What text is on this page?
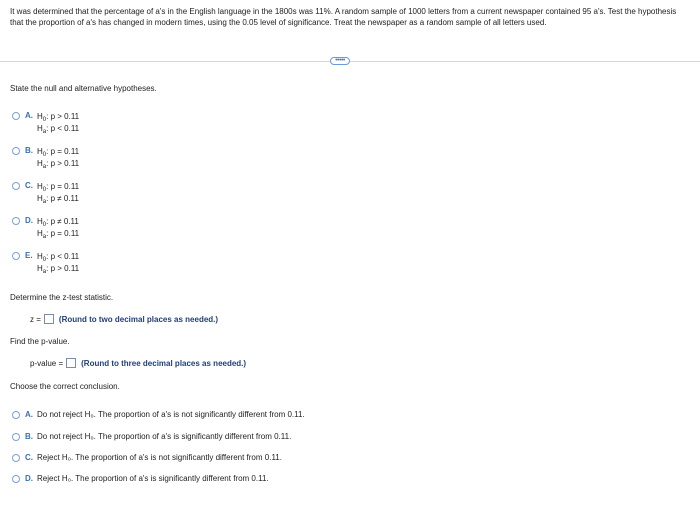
It was determined that the percentage of a's in the English language in the 1800s was 11%. A random sample of 1000 letters from a current newspaper contained 95 a's. Test the hypothesis that the proportion of a's has changed in modern times, using the 0.05 level of significance. Treat the newspaper as a random sample of all letters used.
•••••
State the null and alternative hypotheses.
A. $H_0$: p > 0.11
$H_a$: p < 0.11
B. $H_0$: p = 0.11
$H_a$: p > 0.11
C. $H_0$: p = 0.11
$H_a$: p ≠ 0.11
D. $H_0$: p ≠ 0.11
$H_a$: p = 0.11
E. $H_0$: p < 0.11
$H_a$: p > 0.11
Determine the z-test statistic.
z = (Round to two decimal places as needed.)
Find the p-value.
p-value = (Round to three decimal places as needed.)
Choose the correct conclusion.
A. Do not reject H₀. The proportion of a's is not significantly different from 0.11.
B. Do not reject H₀. The proportion of a's is significantly different from 0.11.
C. Reject H₀. The proportion of a's is not significantly different from 0.11.
D. Reject H₀. The proportion of a's is significantly different from 0.11.
